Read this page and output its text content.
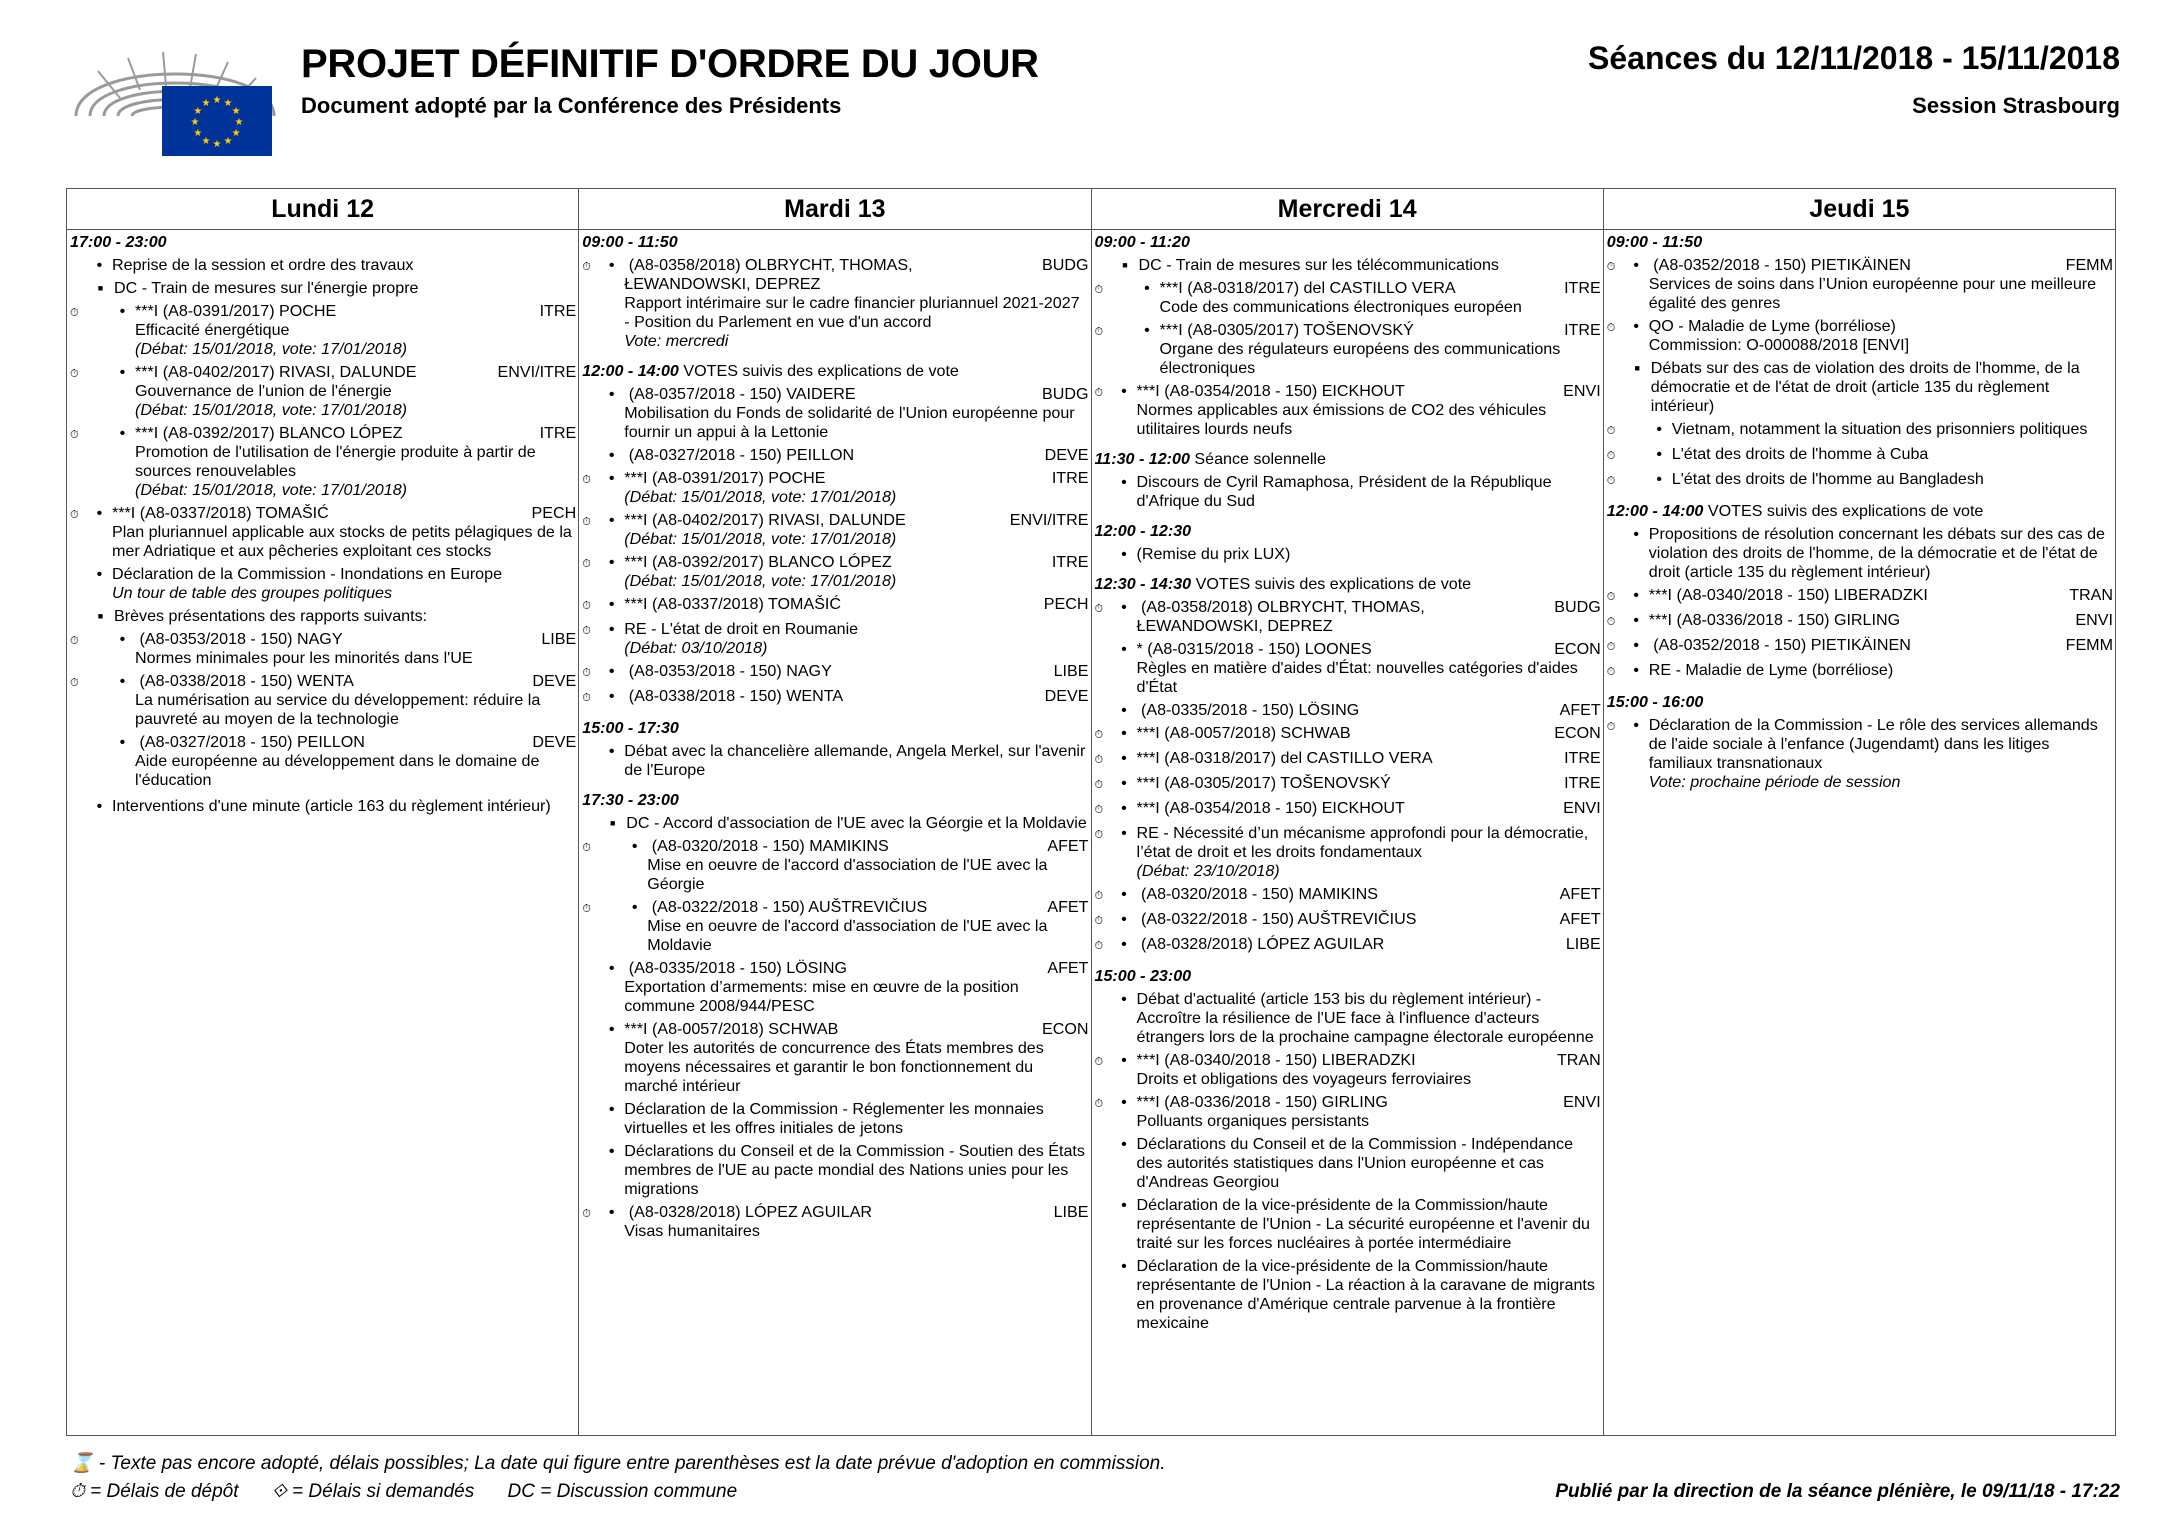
★ ★
★
★
★
★
★
★
★
★
★
★
PROJET DÉFINITIF D'ORDRE DU JOUR
Document adopté par la Conférence des Présidents
Séances du 12/11/2018 - 15/11/2018
Session Strasbourg
Lundi 12
17:00 - 23:00
• Reprise de la session et ordre des travaux
■ DC - Train de mesures sur l'énergie propre
⏱
• ***I (A8-0391/2017) POCHE	ITRE
Efficacité énergétique
(Débat: 15/01/2018, vote: 17/01/2018)
⏱
• ***I (A8-0402/2017) RIVASI, DALUNDE	ENVI/ITRE
Gouvernance de l'union de l'énergie
(Débat: 15/01/2018, vote: 17/01/2018)
⏱
• ***I (A8-0392/2017) BLANCO LÓPEZ	ITRE
Promotion de l'utilisation de l'énergie produite à partir de sources renouvelables
(Débat: 15/01/2018, vote: 17/01/2018)
⏱
• ***I (A8-0337/2018) TOMAŠIĆ	PECH
Plan pluriannuel applicable aux stocks de petits pélagiques de la mer Adriatique et aux pêcheries exploitant ces stocks
• Déclaration de la Commission - Inondations en Europe
Un tour de table des groupes politiques
■ Brèves présentations des rapports suivants:
⏱
• (A8-0353/2018 - 150) NAGY	LIBE
Normes minimales pour les minorités dans l'UE
⏱
• (A8-0338/2018 - 150) WENTA	DEVE
La numérisation au service du développement: réduire la pauvreté au moyen de la technologie
• (A8-0327/2018 - 150) PEILLON	DEVE
Aide européenne au développement dans le domaine de l'éducation
• Interventions d'une minute (article 163 du règlement intérieur)
Mardi 13
09:00 - 11:50
⏱
• (A8-0358/2018) OLBRYCHT, THOMAS,	BUDG
ŁEWANDOWSKI, DEPREZ
Rapport intérimaire sur le cadre financier pluriannuel 2021-2027 - Position du Parlement en vue d'un accord
Vote: mercredi
12:00 - 14:00 VOTES suivis des explications de vote
• (A8-0357/2018 - 150) VAIDERE	BUDG
Mobilisation du Fonds de solidarité de l'Union européenne pour fournir un appui à la Lettonie
• (A8-0327/2018 - 150) PEILLON	DEVE
⏱
• ***I (A8-0391/2017) POCHE	ITRE
(Débat: 15/01/2018, vote: 17/01/2018)
⏱
• ***I (A8-0402/2017) RIVASI, DALUNDE	ENVI/ITRE
(Débat: 15/01/2018, vote: 17/01/2018)
⏱
• ***I (A8-0392/2017) BLANCO LÓPEZ	ITRE
(Débat: 15/01/2018, vote: 17/01/2018)
⏱
• ***I (A8-0337/2018) TOMAŠIĆ	PECH
⏱
• RE - L'état de droit en Roumanie
(Débat: 03/10/2018)
⏱
• (A8-0353/2018 - 150) NAGY	LIBE
⏱
• (A8-0338/2018 - 150) WENTA	DEVE
15:00 - 17:30
• Débat avec la chancelière allemande, Angela Merkel, sur l'avenir de l'Europe
17:30 - 23:00
■ DC - Accord d'association de l'UE avec la Géorgie et la Moldavie
⏱
• (A8-0320/2018 - 150) MAMIKINS	AFET
Mise en oeuvre de l'accord d'association de l'UE avec la Géorgie
⏱
• (A8-0322/2018 - 150) AUŠTREVIČIUS	AFET
Mise en oeuvre de l'accord d'association de l'UE avec la Moldavie
• (A8-0335/2018 - 150) LÖSING	AFET
Exportation d’armements: mise en œuvre de la position commune 2008/944/PESC
• ***I (A8-0057/2018) SCHWAB	ECON
Doter les autorités de concurrence des États membres des moyens nécessaires et garantir le bon fonctionnement du marché intérieur
• Déclaration de la Commission - Réglementer les monnaies virtuelles et les offres initiales de jetons
• Déclarations du Conseil et de la Commission - Soutien des États membres de l'UE au pacte mondial des Nations unies pour les migrations
⏱
• (A8-0328/2018) LÓPEZ AGUILAR	LIBE
Visas humanitaires
Mercredi 14
09:00 - 11:20
■ DC - Train de mesures sur les télécommunications
⏱
• ***I (A8-0318/2017) del CASTILLO VERA	ITRE
Code des communications électroniques européen
⏱
• ***I (A8-0305/2017) TOŠENOVSKÝ	ITRE
Organe des régulateurs européens des communications électroniques
⏱
• ***I (A8-0354/2018 - 150) EICKHOUT	ENVI
Normes applicables aux émissions de CO2 des véhicules utilitaires lourds neufs
11:30 - 12:00 Séance solennelle
• Discours de Cyril Ramaphosa, Président de la République d'Afrique du Sud
12:00 - 12:30
• (Remise du prix LUX)
12:30 - 14:30 VOTES suivis des explications de vote
⏱
• (A8-0358/2018) OLBRYCHT, THOMAS,	BUDG
ŁEWANDOWSKI, DEPREZ
• * (A8-0315/2018 - 150) LOONES	ECON
Règles en matière d'aides d'État: nouvelles catégories d'aides d'État
• (A8-0335/2018 - 150) LÖSING	AFET
⏱
• ***I (A8-0057/2018) SCHWAB	ECON
⏱
• ***I (A8-0318/2017) del CASTILLO VERA	ITRE
⏱
• ***I (A8-0305/2017) TOŠENOVSKÝ	ITRE
⏱
• ***I (A8-0354/2018 - 150) EICKHOUT	ENVI
⏱
• RE - Nécessité d’un mécanisme approfondi pour la démocratie, l’état de droit et les droits fondamentaux
(Débat: 23/10/2018)
⏱
• (A8-0320/2018 - 150) MAMIKINS	AFET
⏱
• (A8-0322/2018 - 150) AUŠTREVIČIUS	AFET
⏱
• (A8-0328/2018) LÓPEZ AGUILAR	LIBE
15:00 - 23:00
• Débat d'actualité (article 153 bis du règlement intérieur) - Accroître la résilience de l'UE face à l'influence d'acteurs étrangers lors de la prochaine campagne électorale européenne
⏱
• ***I (A8-0340/2018 - 150) LIBERADZKI	TRAN
Droits et obligations des voyageurs ferroviaires
⏱
• ***I (A8-0336/2018 - 150) GIRLING	ENVI
Polluants organiques persistants
• Déclarations du Conseil et de la Commission - Indépendance des autorités statistiques dans l'Union européenne et cas d'Andreas Georgiou
• Déclaration de la vice-présidente de la Commission/haute représentante de l'Union - La sécurité européenne et l'avenir du traité sur les forces nucléaires à portée intermédiaire
• Déclaration de la vice-présidente de la Commission/haute représentante de l'Union - La réaction à la caravane de migrants en provenance d'Amérique centrale parvenue à la frontière mexicaine
Jeudi 15
09:00 - 11:50
⏱
• (A8-0352/2018 - 150) PIETIKÄINEN	FEMM
Services de soins dans l’Union européenne pour une meilleure égalité des genres
⏱
• QO - Maladie de Lyme (borréliose)
Commission: O-000088/2018 [ENVI]
■ Débats sur des cas de violation des droits de l'homme, de la démocratie et de l'état de droit (article 135 du règlement intérieur)
⏱
• Vietnam, notamment la situation des prisonniers politiques
⏱
• L'état des droits de l'homme à Cuba
⏱
• L'état des droits de l'homme au Bangladesh
12:00 - 14:00 VOTES suivis des explications de vote
• Propositions de résolution concernant les débats sur des cas de violation des droits de l'homme, de la démocratie et de l'état de droit (article 135 du règlement intérieur)
⏱
• ***I (A8-0340/2018 - 150) LIBERADZKI	TRAN
⏱
• ***I (A8-0336/2018 - 150) GIRLING	ENVI
⏱
• (A8-0352/2018 - 150) PIETIKÄINEN	FEMM
⏱
• RE - Maladie de Lyme (borréliose)
15:00 - 16:00
⏱
• Déclaration de la Commission - Le rôle des services allemands de l'aide sociale à l'enfance (Jugendamt) dans les litiges familiaux transnationaux
Vote: prochaine période de session
⌛ - Texte pas encore adopté, délais possibles; La date qui figure entre parenthèses est la date prévue d'adoption en commission.
⏱ = Délais de dépôt ⟐ = Délais si demandés DC = Discussion commune	Publié par la direction de la séance plénière, le 09/11/18 - 17:22
